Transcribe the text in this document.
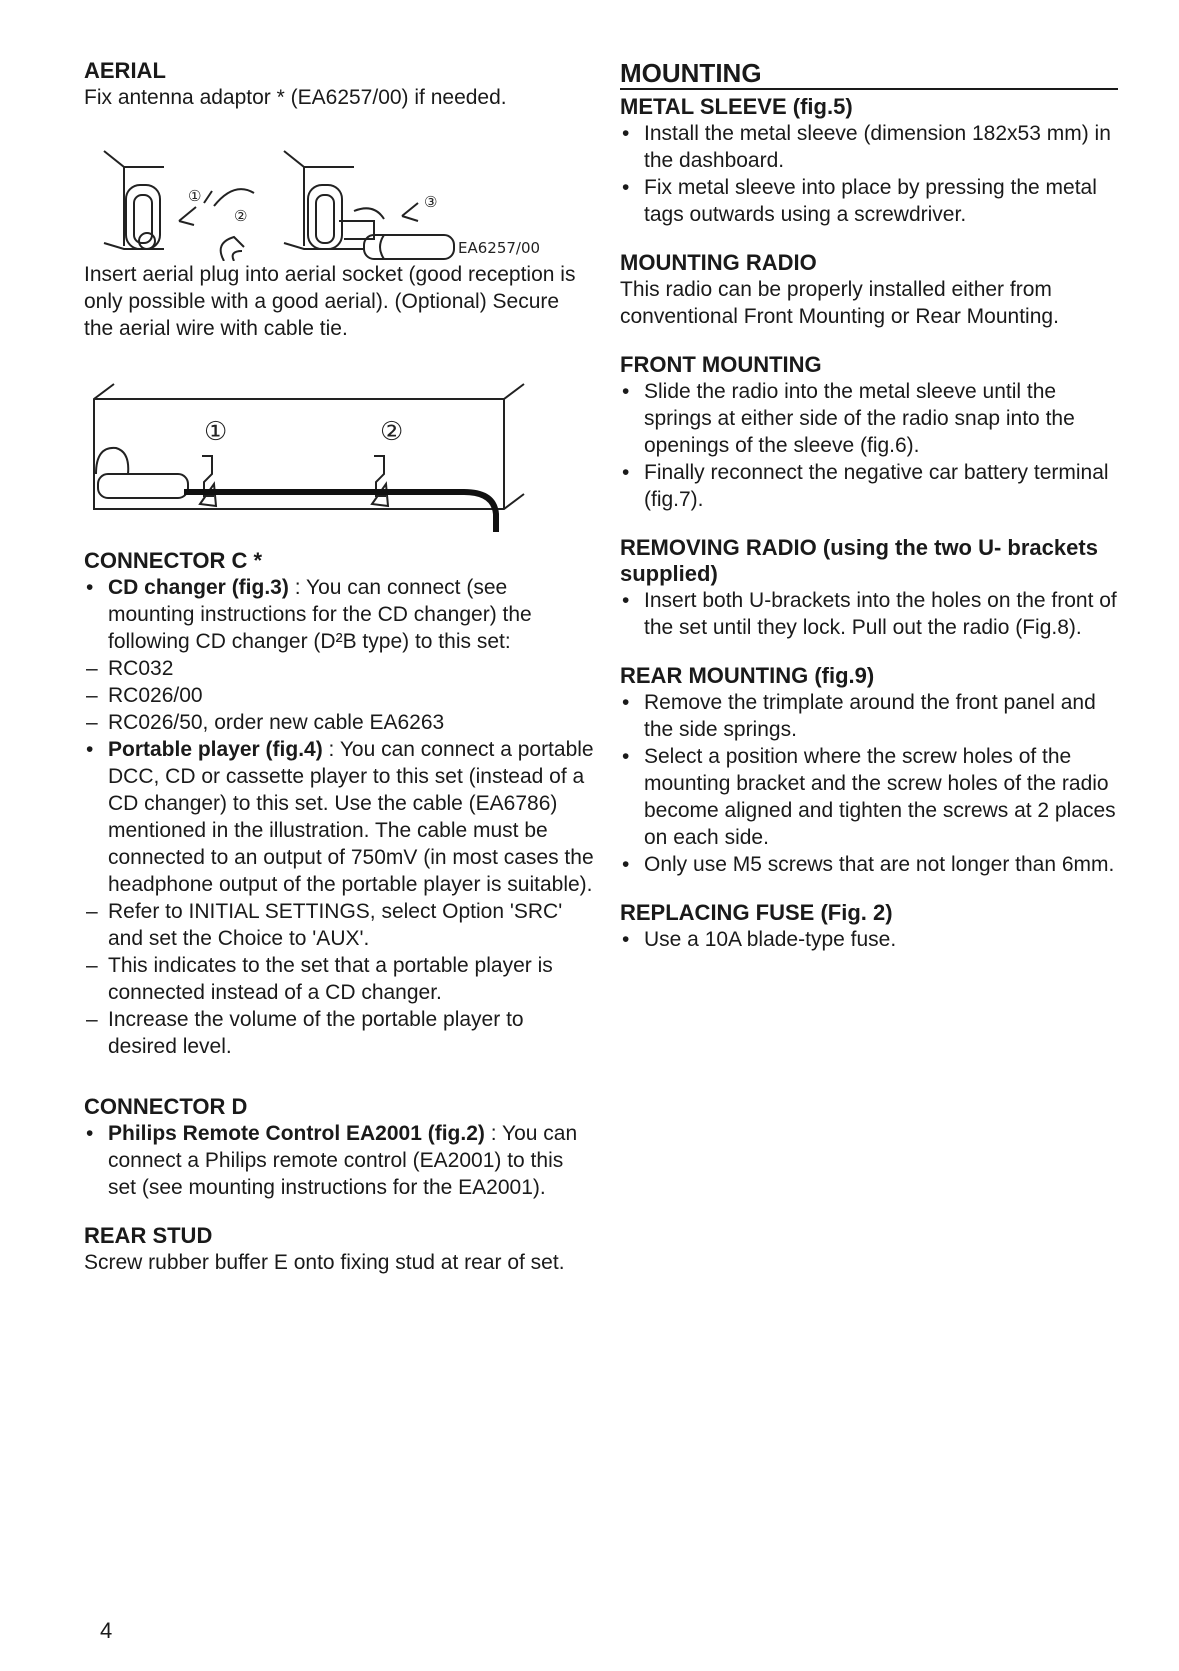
AERIAL

Fix antenna adaptor * (EA6257/00) if needed.

①
②
③
EA6257/00

Insert aerial plug into aerial socket (good reception is only possible with a good aerial). (Optional) Secure the aerial wire with cable tie.

①	②
CONNECTOR C *
• CD changer (fig.3) : You can connect (see mounting instructions for the CD changer) the following CD changer (D²B type) to this set:
– RC032
– RC026/00
– RC026/50, order new cable EA6263
• Portable player (fig.4) : You can connect a portable DCC, CD or cassette player to this set (instead of a CD changer) to this set. Use the cable (EA6786) mentioned in the illustration. The cable must be connected to an output of 750mV (in most cases the headphone output of the portable player is suitable).
– Refer to INITIAL SETTINGS, select Option 'SRC' and set the Choice to 'AUX'.
– This indicates to the set that a portable player is connected instead of a CD changer.
– Increase the volume of the portable player to desired level.
CONNECTOR D
• Philips Remote Control EA2001 (fig.2) : You can connect a Philips remote control (EA2001) to this set (see mounting instructions for the EA2001).
REAR STUD

Screw rubber buffer E onto fixing stud at rear of set.

MOUNTING
METAL SLEEVE (fig.5)
• Install the metal sleeve (dimension 182x53 mm) in the dashboard.
• Fix metal sleeve into place by pressing the metal tags outwards using a screwdriver.
MOUNTING RADIO

This radio can be properly installed either from conventional Front Mounting or Rear Mounting.

FRONT MOUNTING
• Slide the radio into the metal sleeve until the springs at either side of the radio snap into the openings of the sleeve (fig.6).
• Finally reconnect the negative car battery terminal (fig.7).
REMOVING RADIO (using the two U- brackets supplied)
• Insert both U-brackets into the holes on the front of the set until they lock. Pull out the radio (Fig.8).
REAR MOUNTING (fig.9)
• Remove the trimplate around the front panel and the side springs.
• Select a position where the screw holes of the mounting bracket and the screw holes of the radio become aligned and tighten the screws at 2 places on each side.
• Only use M5 screws that are not longer than 6mm.
REPLACING FUSE (Fig. 2)
• Use a 10A blade-type fuse.
4
